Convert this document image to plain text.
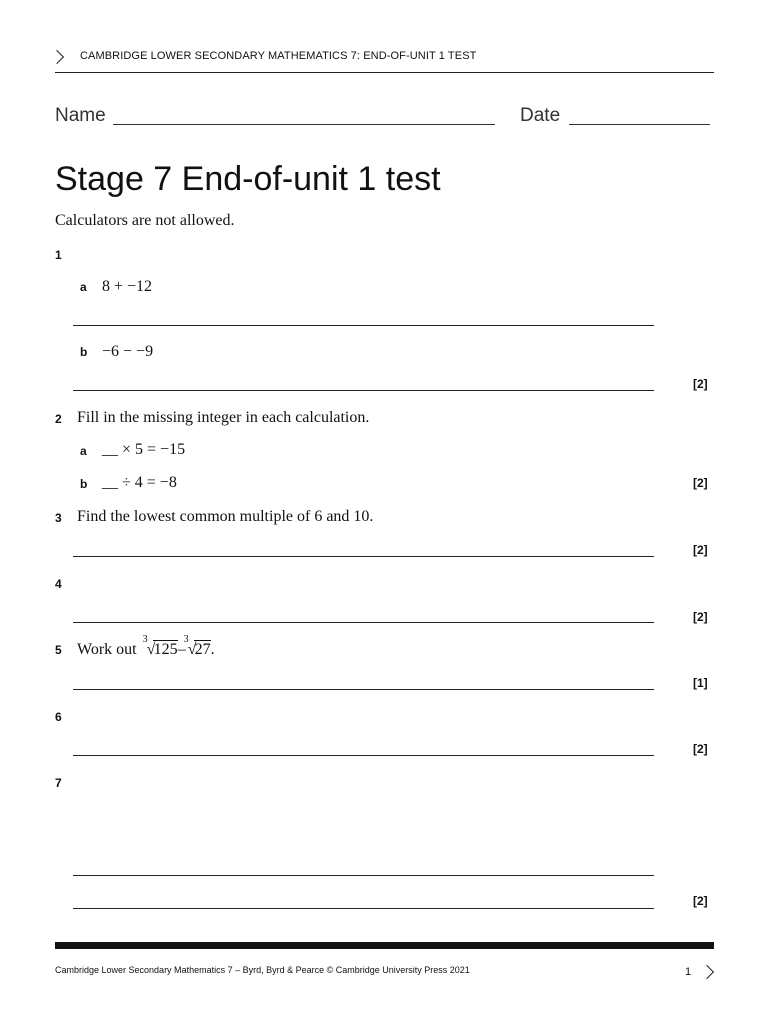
CAMBRIDGE LOWER SECONDARY MATHEMATICS 7: END-OF-UNIT 1 TEST
Name	Date
Stage 7 End-of-unit 1 test
Calculators are not allowed.
1
a 8 + −12
b −6 − −9
[2]
2 Fill in the missing integer in each calculation.
a __ × 5 = −15
b __ ÷ 4 = −8	[2]
3 Find the lowest common multiple of 6 and 10.
[2]
4
[2]
5 Work out
3
√
125–
3
√
27.
[1]
6
[2]
7
[2]
Cambridge Lower Secondary Mathematics 7 – Byrd, Byrd & Pearce © Cambridge University Press 2021	1
